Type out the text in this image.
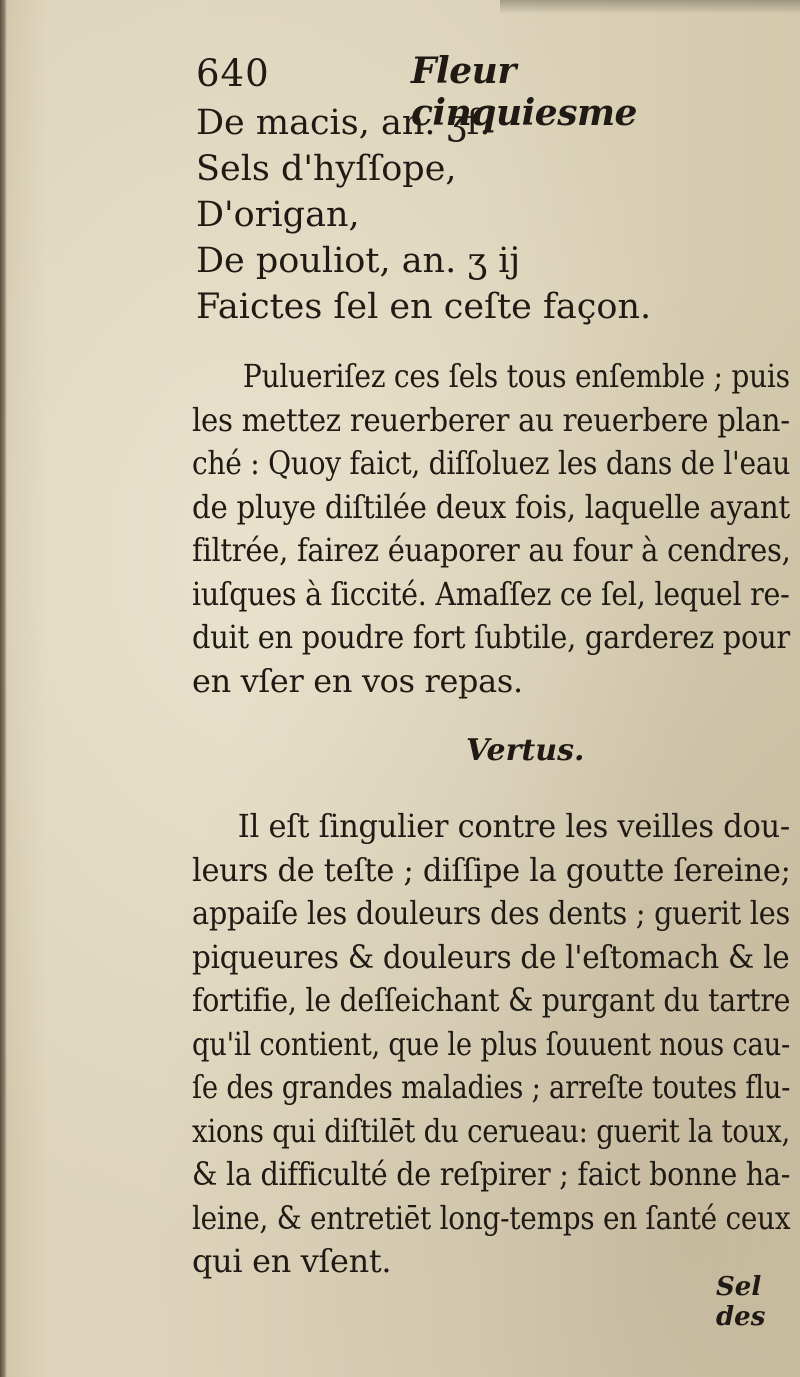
640	Fleur cinquiesme
De macis, an. ʒſ.
Sels d'hyſſope,
D'origan,
De pouliot, an. ʒ ij
Faictes ſel en ceſte façon.
Pulueriſez ces ſels tous enſemble ; puis
les mettez reuerberer au reuerbere plan-
ché : Quoy faict, diſſoluez les dans de l'eau
de pluye diſtilée deux fois, laquelle ayant
filtrée, fairez éuaporer au four à cendres,
iuſques à ſiccité. Amaſſez ce ſel, lequel re-
duit en poudre fort ſubtile, garderez pour
en vſer en vos repas.
Vertus.
Il eſt ſingulier contre les veilles dou-
leurs de teſte ; diſſipe la goutte ſereine;
appaiſe les douleurs des dents ; guerit les
piqueures & douleurs de l'eſtomach & le
fortifie, le deſſeichant & purgant du tartre
qu'il contient, que le plus ſouuent nous cau-
ſe des grandes maladies ; arreſte toutes flu-
xions qui diſtilēt du cerueau: guerit la toux,
& la difficulté de reſpirer ; faict bonne ha-
leine, & entretiēt long-temps en ſanté ceux
qui en vſent.
Sel des
